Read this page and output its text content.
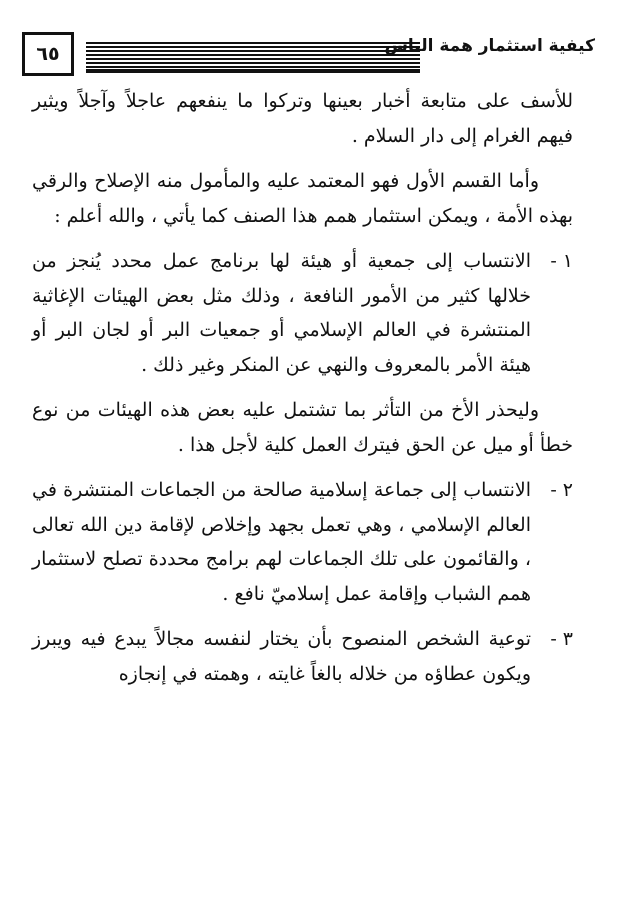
٦٥	كيفية استثمار همة الناس

للأسف على متابعة أخبار بعينها وتركوا ما ينفعهم عاجلاً وآجلاً ويثير فيهم الغرام إلى دار السلام .

وأما القسم الأول فهو المعتمد عليه والمأمول منه الإصلاح والرقي بهذه الأمة ، ويمكن استثمار همم هذا الصنف كما يأتي ، والله أعلم :

١ -
الانتساب إلى جمعية أو هيئة لها برنامج عمل محدد يُنجز من خلالها كثير من الأمور النافعة ، وذلك مثل بعض الهيئات الإغاثية المنتشرة في العالم الإسلامي أو جمعيات البر أو لجان البر أو هيئة الأمر بالمعروف والنهي عن المنكر وغير ذلك .

وليحذر الأخ من التأثر بما تشتمل عليه بعض هذه الهيئات من نوع خطأ أو ميل عن الحق فيترك العمل كلية لأجل هذا .

٢ -
الانتساب إلى جماعة إسلامية صالحة من الجماعات المنتشرة في العالم الإسلامي ، وهي تعمل بجهد وإخلاص لإقامة دين الله تعالى ، والقائمون على تلك الجماعات لهم برامج محددة تصلح لاستثمار همم الشباب وإقامة عمل إسلاميّ نافع .
٣ -
توعية الشخص المنصوح بأن يختار لنفسه مجالاً يبدع فيه ويبرز ويكون عطاؤه من خلاله بالغاً غايته ، وهمته في إنجازه
